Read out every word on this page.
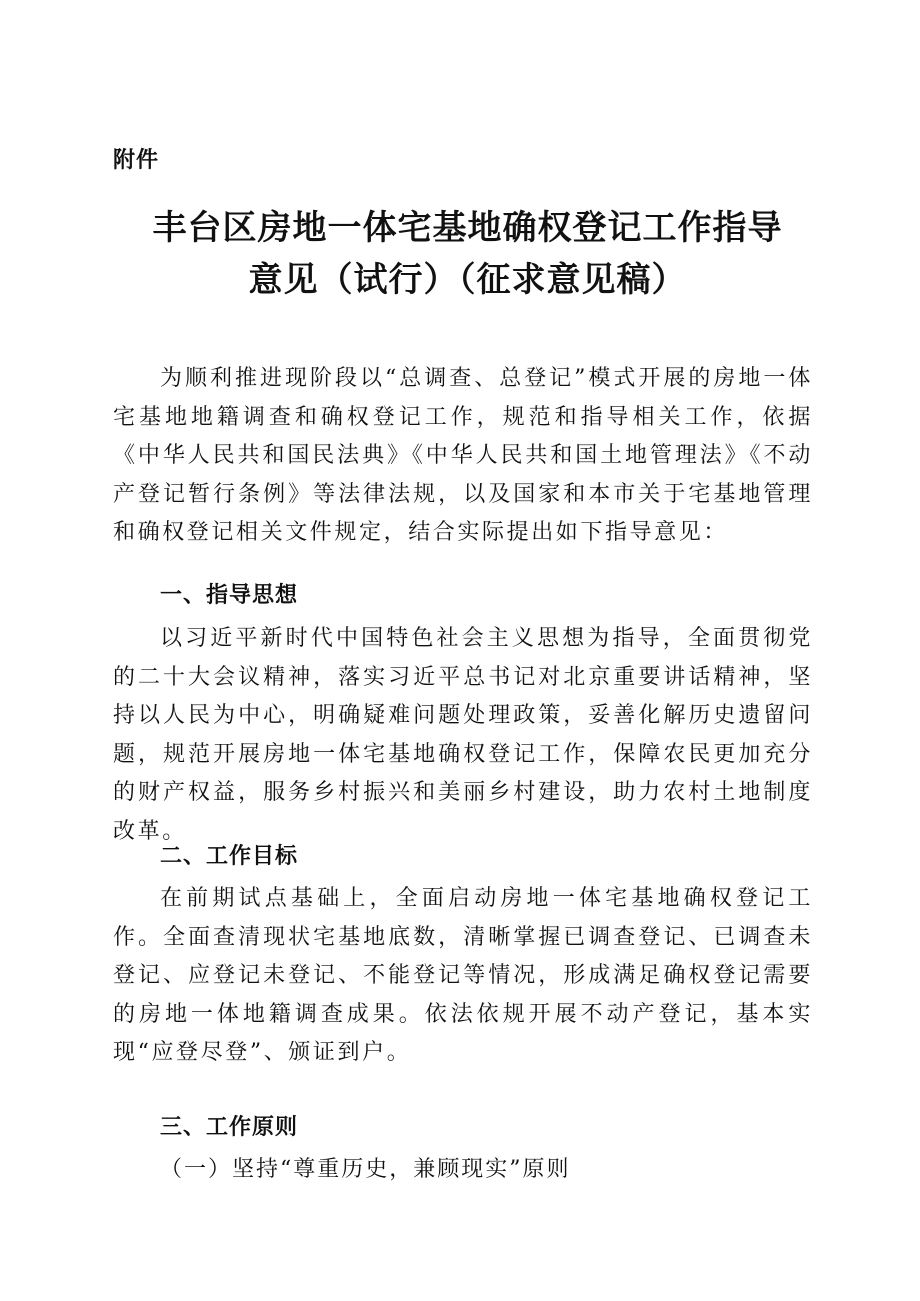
附件
丰台区房地一体宅基地确权登记工作指导
意见（试行）（征求意见稿）

为顺利推进现阶段以“总调查、总登记”模式开展的房地一体宅基地地籍调查和确权登记工作，规范和指导相关工作，依据《中华人民共和国民法典》《中华人民共和国土地管理法》《不动产登记暂行条例》等法律法规，以及国家和本市关于宅基地管理和确权登记相关文件规定，结合实际提出如下指导意见：

一、指导思想

以习近平新时代中国特色社会主义思想为指导，全面贯彻党的二十大会议精神，落实习近平总书记对北京重要讲话精神，坚持以人民为中心，明确疑难问题处理政策，妥善化解历史遗留问题，规范开展房地一体宅基地确权登记工作，保障农民更加充分的财产权益，服务乡村振兴和美丽乡村建设，助力农村土地制度改革。

二、工作目标

在前期试点基础上，全面启动房地一体宅基地确权登记工作。全面查清现状宅基地底数，清晰掌握已调查登记、已调查未登记、应登记未登记、不能登记等情况，形成满足确权登记需要的房地一体地籍调查成果。依法依规开展不动产登记，基本实现“应登尽登”、颁证到户。

三、工作原则
（一）坚持“尊重历史，兼顾现实”原则
